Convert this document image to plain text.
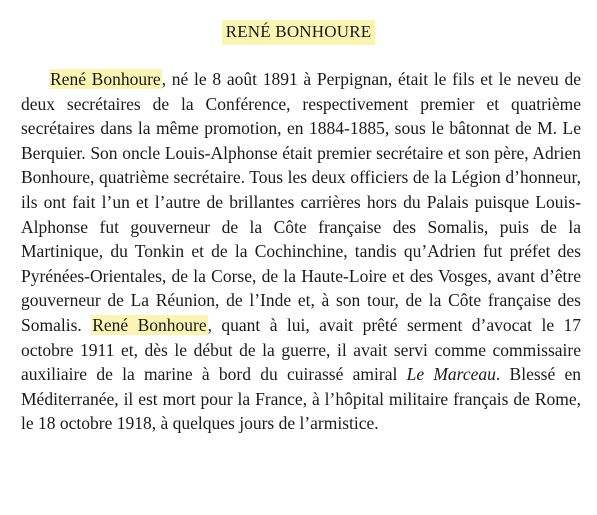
RENÉ BONHOURE

René Bonhoure, né le 8 août 1891 à Perpignan, était le fils et le neveu de deux secrétaires de la Conférence, respectivement premier et quatrième secrétaires dans la même promotion, en 1884-1885, sous le bâtonnat de M. Le Berquier. Son oncle Louis-Alphonse était premier secrétaire et son père, Adrien Bonhoure, quatrième secrétaire. Tous les deux officiers de la Légion d’honneur, ils ont fait l’un et l’autre de brillantes carrières hors du Palais puisque Louis-Alphonse fut gouverneur de la Côte française des Somalis, puis de la Martinique, du Tonkin et de la Cochinchine, tandis qu’Adrien fut préfet des Pyrénées-Orientales, de la Corse, de la Haute-Loire et des Vosges, avant d’être gouverneur de La Réunion, de l’Inde et, à son tour, de la Côte française des Somalis. René Bonhoure, quant à lui, avait prêté serment d’avocat le 17 octobre 1911 et, dès le début de la guerre, il avait servi comme commissaire auxiliaire de la marine à bord du cuirassé amiral Le Marceau. Blessé en Méditerranée, il est mort pour la France, à l’hôpital militaire français de Rome, le 18 octobre 1918, à quelques jours de l’armistice.
